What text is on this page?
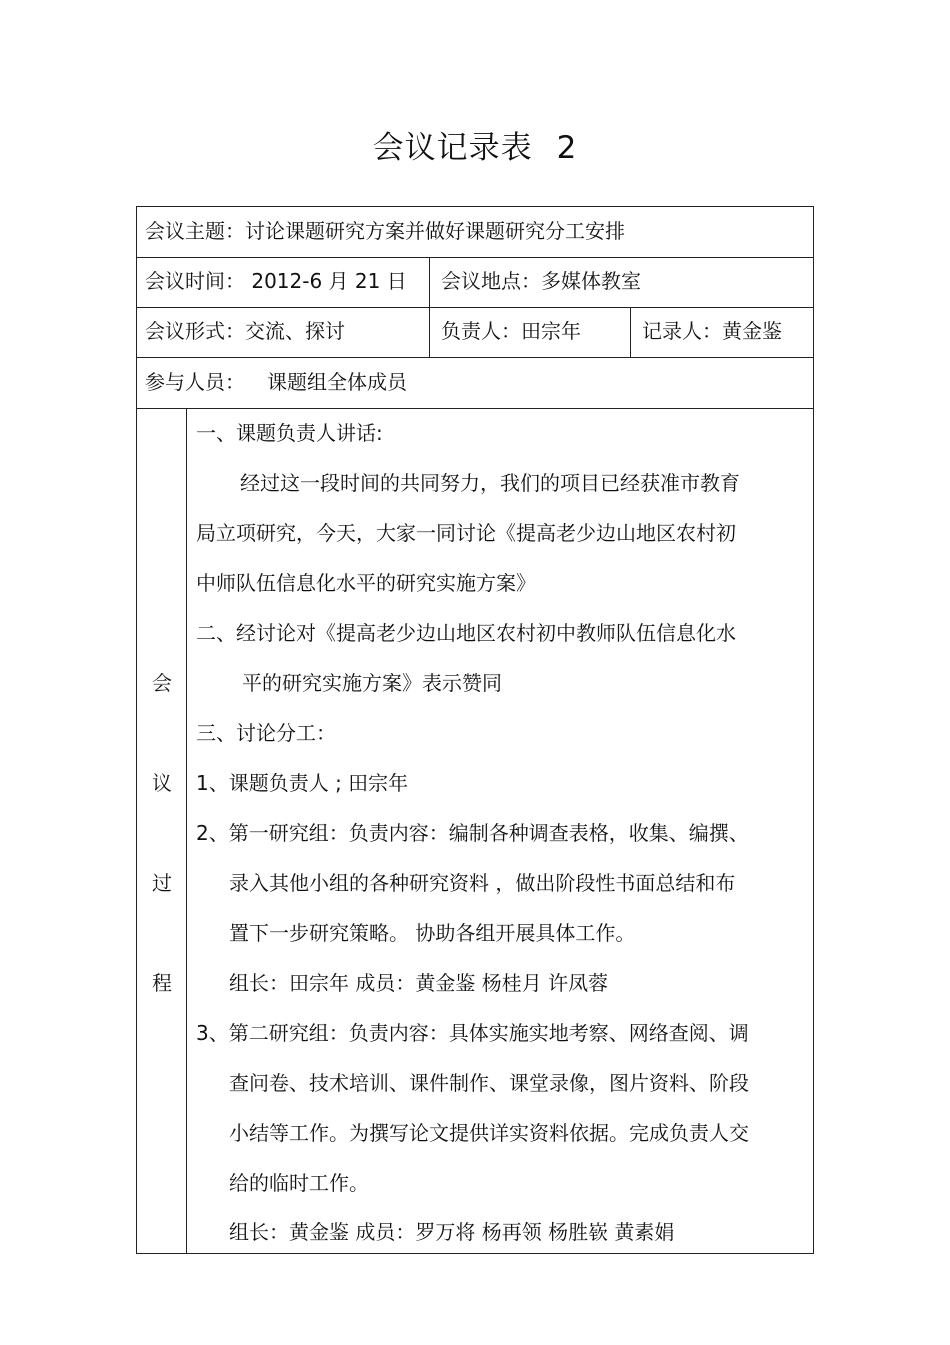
会议记录表 2
会议主题：讨论课题研究方案并做好课题研究分工安排
会议时间： 2012-6 月 21 日 会议地点：多媒体教室
会议形式：交流、探讨	负责人：田宗年	记录人：黄金鉴
参与人员： 课题组全体成员
会
议
过
程
一、课题负责人讲话:
经过这一段时间的共同努力，我们的项目已经获准市教育
局立项研究，今天，大家一同讨论《提高老少边山地区农村初
中师队伍信息化水平的研究实施方案》
二、经讨论对《提高老少边山地区农村初中教师队伍信息化水
平的研究实施方案》表示赞同
三、讨论分工：
1、课题负责人 ; 田宗年
2、第一研究组：负责内容：编制各种调查表格，收集、编撰、
录入其他小组的各种研究资料 ，做出阶段性书面总结和布
置下一步研究策略。 协助各组开展具体工作。
组长：田宗年 成员：黄金鉴 杨桂月 许凤蓉
3、第二研究组：负责内容：具体实施实地考察、网络查阅、调
查问卷、技术培训、课件制作、课堂录像，图片资料、阶段
小结等工作。为撰写论文提供详实资料依据。完成负责人交
给的临时工作。
组长：黄金鉴 成员：罗万将 杨再领 杨胜嵚 黄素娟
